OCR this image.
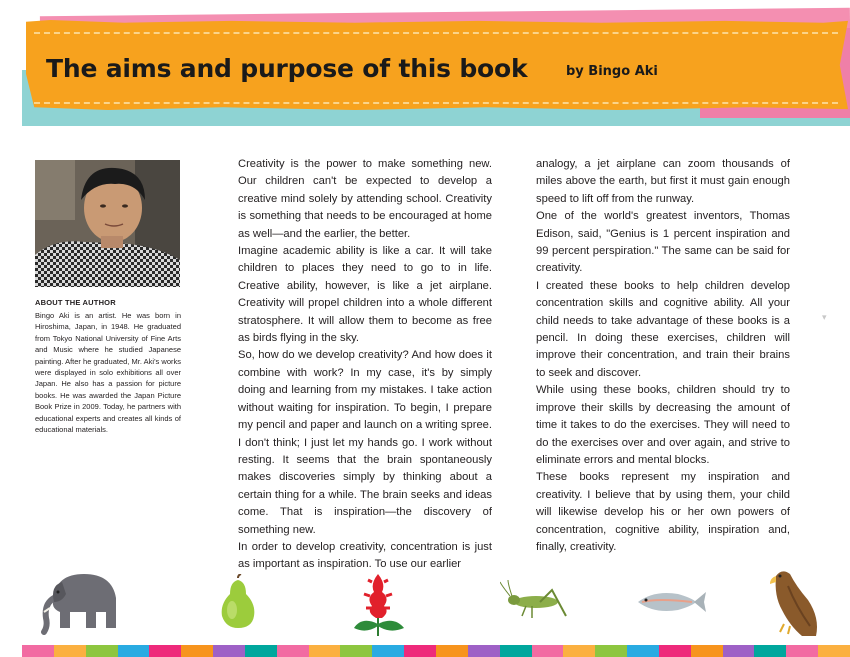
The aims and purpose of this book	by Bingo Aki
ABOUT THE AUTHOR

Bingo Aki is an artist. He was born in Hiroshima, Japan, in 1948. He graduated from Tokyo National University of Fine Arts and Music where he studied Japanese painting. After he graduated, Mr. Aki's works were displayed in solo exhibitions all over Japan. He also has a passion for picture books. He was awarded the Japan Picture Book Prize in 2009. Today, he partners with educational experts and creates all kinds of educational materials.

Creativity is the power to make something new. Our children can't be expected to develop a creative mind solely by attending school. Creativity is something that needs to be encouraged at home as well—and the earlier, the better.

Imagine academic ability is like a car. It will take children to places they need to go to in life. Creative ability, however, is like a jet airplane. Creativity will propel children into a whole different stratosphere. It will allow them to become as free as birds flying in the sky.

So, how do we develop creativity? And how does it combine with work? In my case, it's by simply doing and learning from my mistakes. I take action without waiting for inspiration. To begin, I prepare my pencil and paper and launch on a writing spree. I don't think; I just let my hands go. I work without resting. It seems that the brain spontaneously makes discoveries simply by thinking about a certain thing for a while. The brain seeks and ideas come. That is inspiration—the discovery of something new.

In order to develop creativity, concentration is just as important as inspiration. To use our earlier

analogy, a jet airplane can zoom thousands of miles above the earth, but first it must gain enough speed to lift off from the runway.

One of the world's greatest inventors, Thomas Edison, said, "Genius is 1 percent inspiration and 99 percent perspiration." The same can be said for creativity.

I created these books to help children develop concentration skills and cognitive ability. All your child needs to take advantage of these books is a pencil. In doing these exercises, children will improve their concentration, and train their brains to seek and discover.

While using these books, children should try to improve their skills by decreasing the amount of time it takes to do the exercises. They will need to do the exercises over and over again, and strive to eliminate errors and mental blocks.

These books represent my inspiration and creativity. I believe that by using them, your child will likewise develop his or her own powers of concentration, cognitive ability, inspiration and, finally, creativity.

▾
